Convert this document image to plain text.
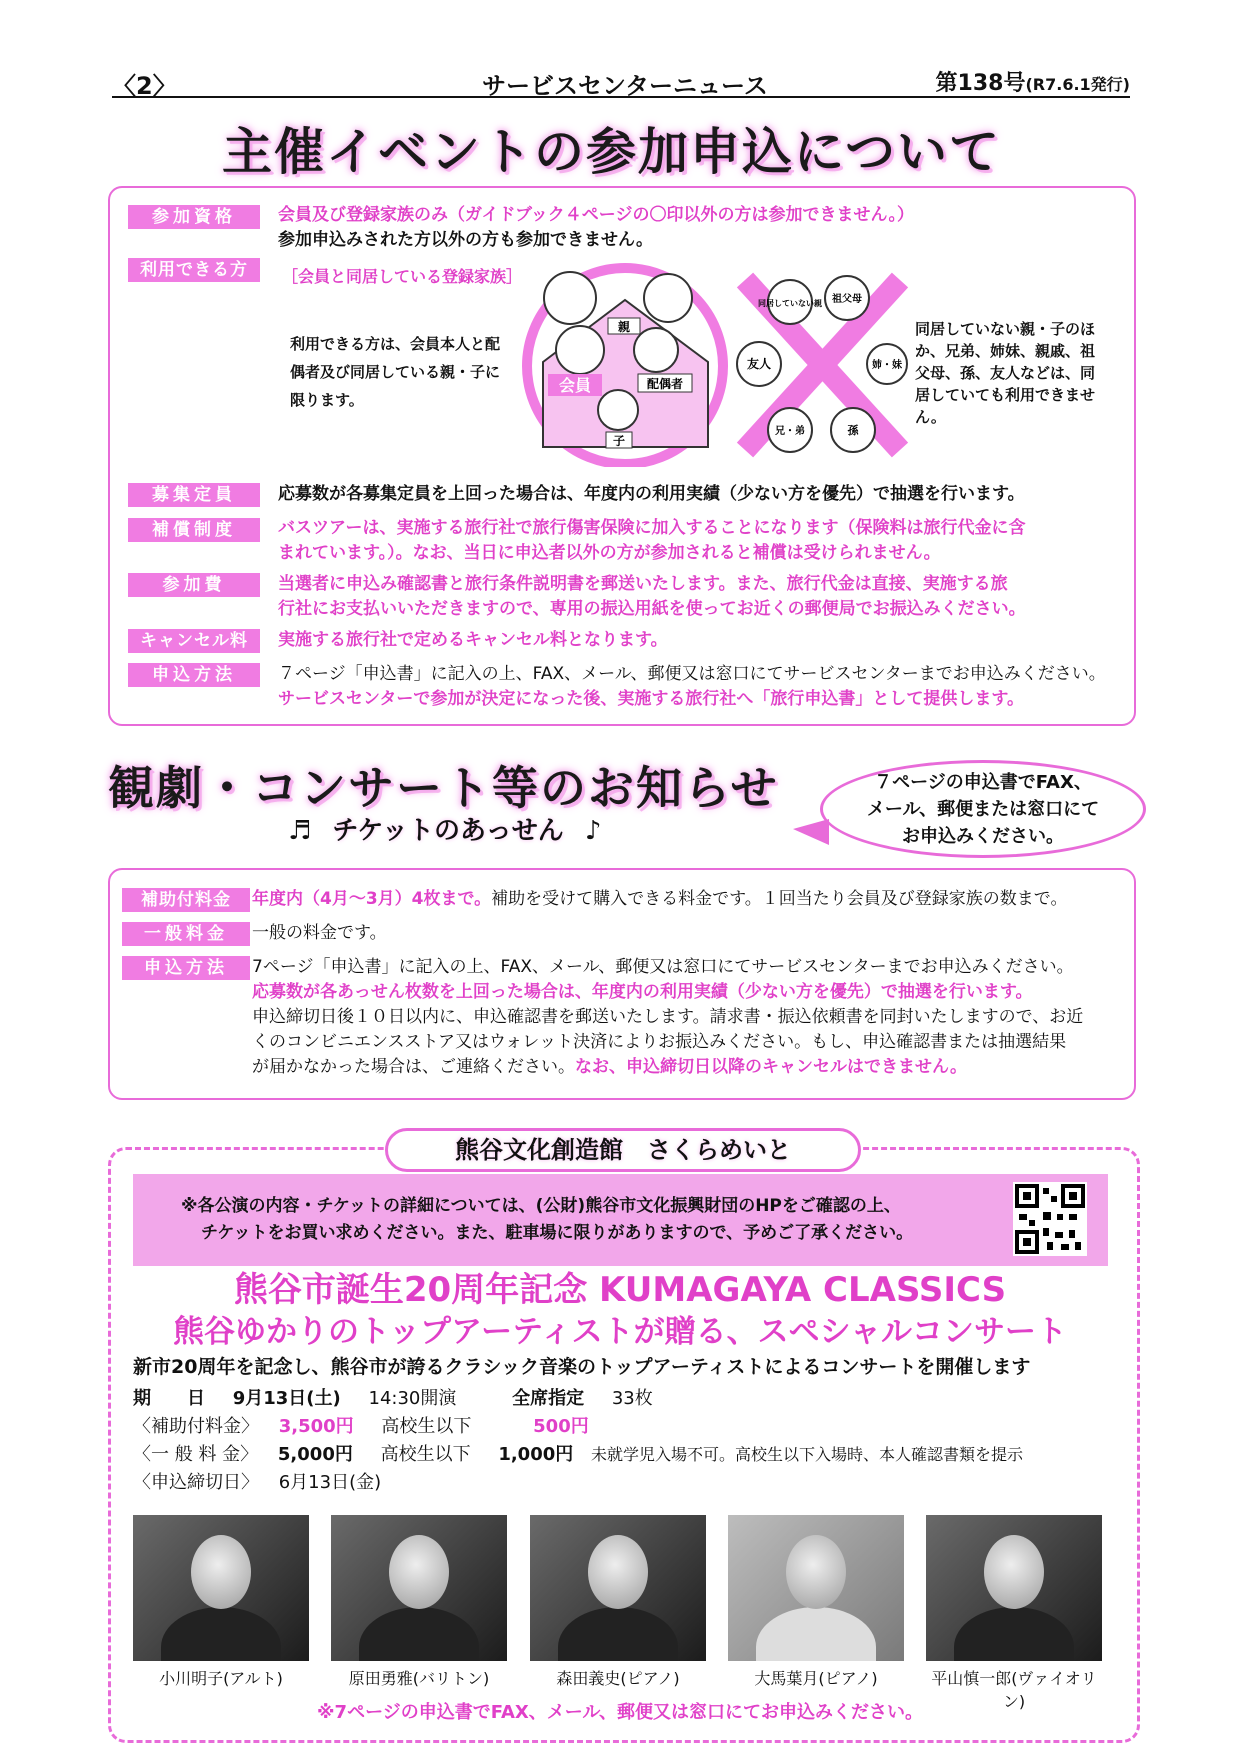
〈2〉	サービスセンターニュース	第138号(R7.6.1発行)
主催イベントの参加申込について
参加資格	会員及び登録家族のみ（ガイドブック４ページの〇印以外の方は参加できません。）
参加申込みされた方以外の方も参加できません。
利用できる方	［会員と同居している登録家族］
利用できる方は、会員本人と配偶者及び同居している親・子に限ります。
親
会員	配偶者
子
同居していない親 祖父母
友人	姉・妹
兄・弟	孫
同居していない親・子のほか、兄弟、姉妹、親戚、祖父母、孫、友人などは、同居していても利用できません。
募集定員	応募数が各募集定員を上回った場合は、年度内の利用実績（少ない方を優先）で抽選を行います。
補償制度	バスツアーは、実施する旅行社で旅行傷害保険に加入することになります（保険料は旅行代金に含
まれています。）。なお、当日に申込者以外の方が参加されると補償は受けられません。
参加費	当選者に申込み確認書と旅行条件説明書を郵送いたします。また、旅行代金は直接、実施する旅
行社にお支払いいただきますので、専用の振込用紙を使ってお近くの郵便局でお振込みください。
キャンセル料	実施する旅行社で定めるキャンセル料となります。
申込方法	７ページ「申込書」に記入の上、FAX、メール、郵便又は窓口にてサービスセンターまでお申込みください。
サービスセンターで参加が決定になった後、実施する旅行社へ「旅行申込書」として提供します。
観劇・コンサート等のお知らせ
♬ チケットのあっせん ♪
７ページの申込書でFAX、
メール、郵便または窓口にて
お申込みください。
補助付料金	年度内（4月～3月）4枚まで。補助を受けて購入できる料金です。１回当たり会員及び登録家族の数まで。
一般料金	一般の料金です。
申込方法	7ページ「申込書」に記入の上、FAX、メール、郵便又は窓口にてサービスセンターまでお申込みください。
応募数が各あっせん枚数を上回った場合は、年度内の利用実績（少ない方を優先）で抽選を行います。
申込締切日後１０日以内に、申込確認書を郵送いたします。請求書・振込依頼書を同封いたしますので、お近
くのコンビニエンスストア又はウォレット決済によりお振込みください。もし、申込確認書または抽選結果
が届かなかった場合は、ご連絡ください。なお、申込締切日以降のキャンセルはできません。
熊谷文化創造館　さくらめいと
※各公演の内容・チケットの詳細については、(公財)熊谷市文化振興財団のHPをご確認の上、
チケットをお買い求めください。また、駐車場に限りがありますので、予めご了承ください。
熊谷市誕生20周年記念 KUMAGAYA CLASSICS
熊谷ゆかりのトップアーティストが贈る、スペシャルコンサート
新市20周年を記念し、熊谷市が誇るクラシック音楽のトップアーティストによるコンサートを開催します
期　　日 9月13日(土) 14:30開演	全席指定 33枚
〈補助付料金〉 3,500円 高校生以下	500円
〈一 般 料 金〉 5,000円 高校生以下 1,000円 未就学児入場不可。高校生以下入場時、本人確認書類を提示
〈申込締切日〉 6月13日(金)
小川明子(アルト)	原田勇雅(バリトン)	森田義史(ピアノ)	大馬葉月(ピアノ)	平山慎一郎(ヴァイオリン)
※7ページの申込書でFAX、メール、郵便又は窓口にてお申込みください。
